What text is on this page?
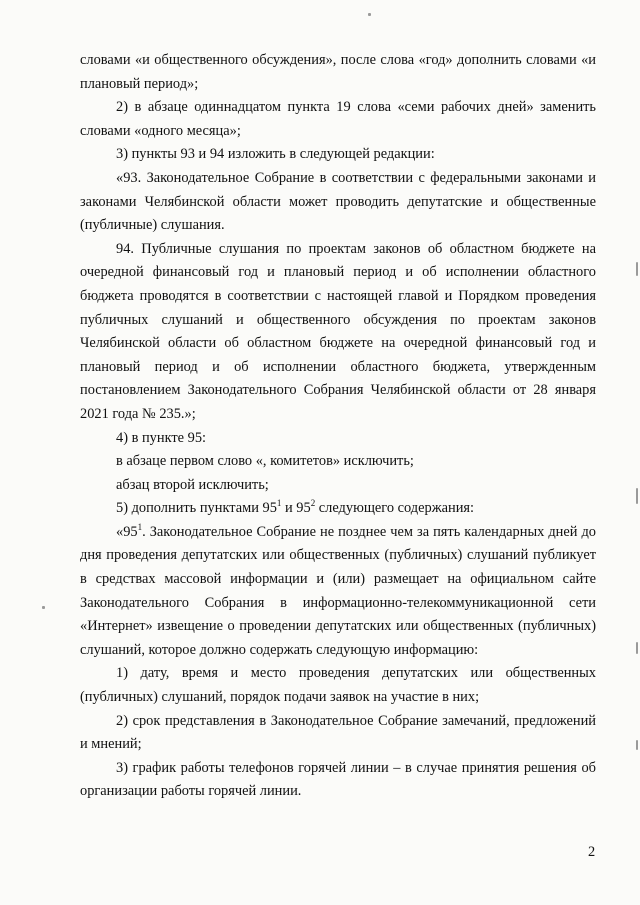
словами «и общественного обсуждения», после слова «год» дополнить словами «и плановый период»;

2) в абзаце одиннадцатом пункта 19 слова «семи рабочих дней» заменить словами «одного месяца»;

3) пункты 93 и 94 изложить в следующей редакции:

«93. Законодательное Собрание в соответствии с федеральными законами и законами Челябинской области может проводить депутатские и общественные (публичные) слушания.

94. Публичные слушания по проектам законов об областном бюджете на очередной финансовый год и плановый период и об исполнении областного бюджета проводятся в соответствии с настоящей главой и Порядком проведения публичных слушаний и общественного обсуждения по проектам законов Челябинской области об областном бюджете на очередной финансовый год и плановый период и об исполнении областного бюджета, утвержденным постановлением Законодательного Собрания Челябинской области от 28 января 2021 года № 235.»;

4) в пункте 95:

в абзаце первом слово «, комитетов» исключить;

абзац второй исключить;

5) дополнить пунктами $95^1$ и $95^2$ следующего содержания:

«$95^1$. Законодательное Собрание не позднее чем за пять календарных дней до дня проведения депутатских или общественных (публичных) слушаний публикует в средствах массовой информации и (или) размещает на официальном сайте Законодательного Собрания в информационно-телекоммуникационной сети «Интернет» извещение о проведении депутатских или общественных (публичных) слушаний, которое должно содержать следующую информацию:

1) дату, время и место проведения депутатских или общественных (публичных) слушаний, порядок подачи заявок на участие в них;

2) срок представления в Законодательное Собрание замечаний, предложений и мнений;

3) график работы телефонов горячей линии – в случае принятия решения об организации работы горячей линии.

2
